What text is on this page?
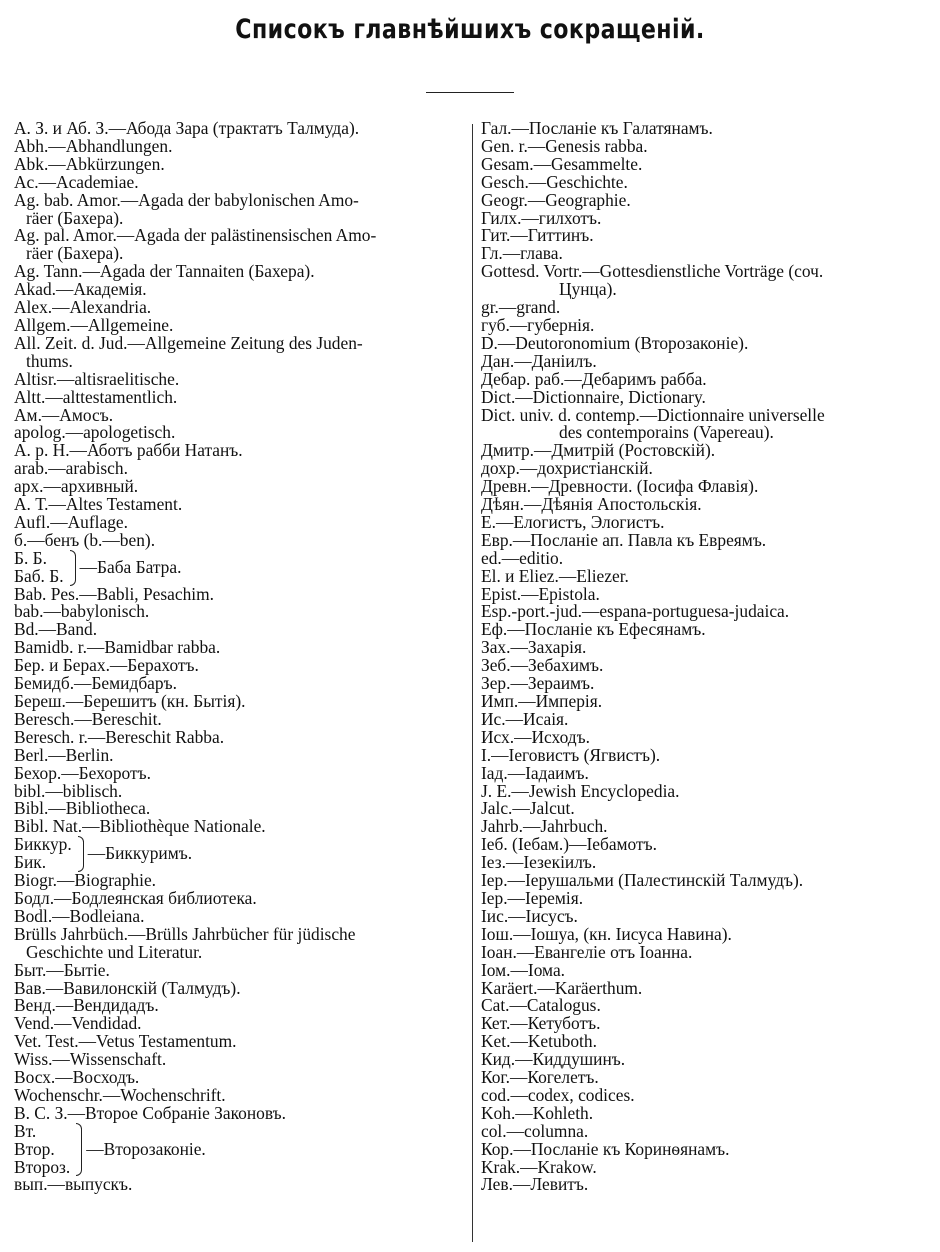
Списокъ главнѣйшихъ сокращеній.
А. З. и Аб. З.—Абода Зара (трактатъ Талмуда).
Abh.—Abhandlungen.
Abk.—Abkürzungen.
Ac.—Academiae.
Ag. bab. Amor.—Agada der babylonischen Amo-
räer (Бахера).
Ag. pal. Amor.—Agada der palästinensischen Amo-
räer (Бахера).
Ag. Tann.—Agada der Tannaiten (Бахера).
Akad.—Академія.
Alex.—Alexandria.
Allgem.—Allgemeine.
All. Zeit. d. Jud.—Allgemeine Zeitung des Juden-
thums.
Altisr.—altisraelitische.
Altt.—alttestamentlich.
Ам.—Амосъ.
apolog.—apologetisch.
А. р. Н.—Аботъ рабби Натанъ.
arab.—arabisch.
арх.—архивный.
А. Т.—Altes Testament.
Aufl.—Auflage.
б.—бенъ (b.—ben).
Б. Б.
Баб. Б. —Баба Батра.
Bab. Pes.—Babli, Pesachim.
bab.—babylonisch.
Bd.—Band.
Bamidb. r.—Bamidbar rabba.
Бер. и Берах.—Берахотъ.
Бемидб.—Бемидбаръ.
Береш.—Берешитъ (кн. Бытія).
Beresch.—Bereschit.
Beresch. r.—Bereschit Rabba.
Berl.—Berlin.
Бехор.—Бехоротъ.
bibl.—biblisch.
Bibl.—Bibliotheca.
Bibl. Nat.—Bibliothèque Nationale.
Биккур.
Бик.	—Биккуримъ.
Biogr.—Biographie.
Бодл.—Бодлеянская библиотека.
Bodl.—Bodleiana.
Brülls Jahrbüch.—Brülls Jahrbücher für jüdische
Geschichte und Literatur.
Быт.—Бытіе.
Вав.—Вавилонскій (Талмудъ).
Венд.—Вендидадъ.
Vend.—Vendidad.
Vet. Test.—Vetus Testamentum.
Wiss.—Wissenschaft.
Восх.—Восходъ.
Wochenschr.—Wochenschrift.
В. С. З.—Второе Собраніе Законовъ.
Вт.
Втор.
Второз.
—Второзаконіе.
вып.—выпускъ.
Гал.—Посланіе къ Галатянамъ.
Gen. r.—Genesis rabba.
Gesam.—Gesammelte.
Gesch.—Geschichte.
Geogr.—Geographie.
Гилх.—гилхотъ.
Гит.—Гиттинъ.
Гл.—глава.
Gottesd. Vortr.—Gottesdienstliche Vorträge (соч.
Цунца).
gr.—grand.
губ.—губернія.
D.—Deutoronomium (Второзаконіе).
Дан.—Даніилъ.
Дебар. раб.—Дебаримъ рабба.
Dict.—Dictionnaire, Dictionary.
Dict. univ. d. contemp.—Dictionnaire universelle
des contemporains (Vapereau).
Дмитр.—Дмитрій (Ростовскій).
дохр.—дохристіанскій.
Древн.—Древности. (Іосифа Флавія).
Дѣян.—Дѣянія Апостольскія.
Е.—Елогистъ, Элогистъ.
Евр.—Посланіе ап. Павла къ Евреямъ.
ed.—editio.
El. и Eliez.—Eliezer.
Epist.—Epistola.
Esp.-port.-jud.—espana-portuguesa-judaica.
Еф.—Посланіе къ Ефесянамъ.
Зах.—Захарія.
Зеб.—Зебахимъ.
Зер.—Зераимъ.
Имп.—Имперія.
Ис.—Исаія.
Исх.—Исходъ.
І.—Іеговистъ (Ягвистъ).
Іад.—Іадаимъ.
J. E.—Jewish Encyclopedia.
Jalc.—Jalcut.
Jahrb.—Jahrbuch.
Іеб. (Іебам.)—Іебамотъ.
Іез.—Іезекіилъ.
Іер.—Іерушальми (Палестинскій Талмудъ).
Іер.—Іеремія.
Іис.—Іисусъ.
Іош.—Іошуа, (кн. Іисуса Навина).
Іоан.—Евангеліе отъ Іоанна.
Іом.—Іома.
Karäert.—Karäerthum.
Cat.—Catalogus.
Кет.—Кетуботъ.
Ket.—Ketuboth.
Кид.—Киддушинъ.
Ког.—Когелетъ.
cod.—codex, codices.
Koh.—Kohleth.
col.—columna.
Кор.—Посланіе къ Коринѳянамъ.
Krak.—Krakow.
Лев.—Левитъ.
